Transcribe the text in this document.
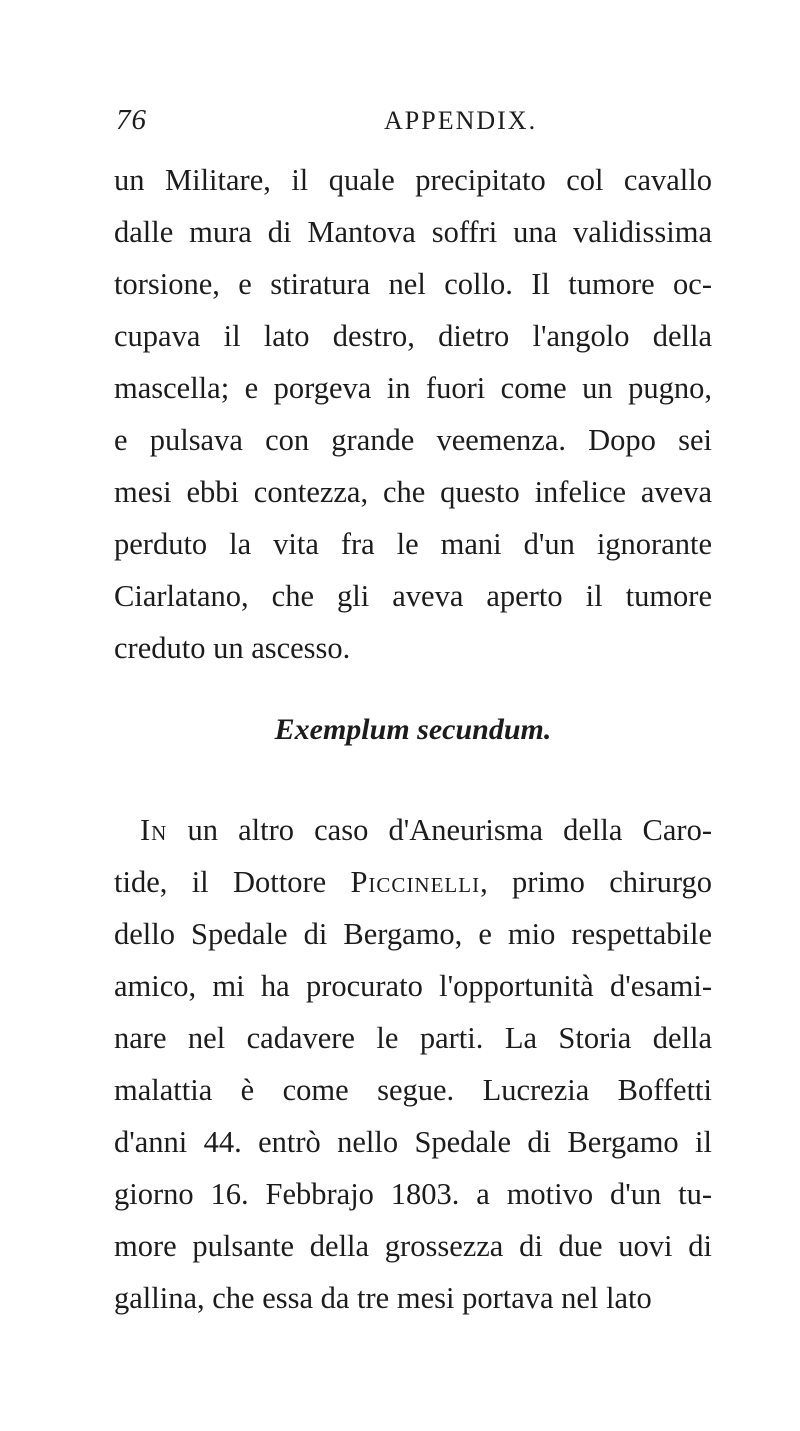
76	APPENDIX.
un Militare, il quale precipitato col cavallo
dalle mura di Mantova soffri una validissima
torsione, e stiratura nel collo. Il tumore oc-
cupava il lato destro, dietro l'angolo della
mascella; e porgeva in fuori come un pugno,
e pulsava con grande veemenza. Dopo sei
mesi ebbi contezza, che questo infelice aveva
perduto la vita fra le mani d'un ignorante
Ciarlatano, che gli aveva aperto il tumore
creduto un ascesso.
Exemplum secundum.
In un altro caso d'Aneurisma della Caro-
tide, il Dottore Piccinelli, primo chirurgo
dello Spedale di Bergamo, e mio respettabile
amico, mi ha procurato l'opportunità d'esami-
nare nel cadavere le parti. La Storia della
malattia è come segue. Lucrezia Boffetti
d'anni 44. entrò nello Spedale di Bergamo il
giorno 16. Febbrajo 1803. a motivo d'un tu-
more pulsante della grossezza di due uovi di
gallina, che essa da tre mesi portava nel lato
